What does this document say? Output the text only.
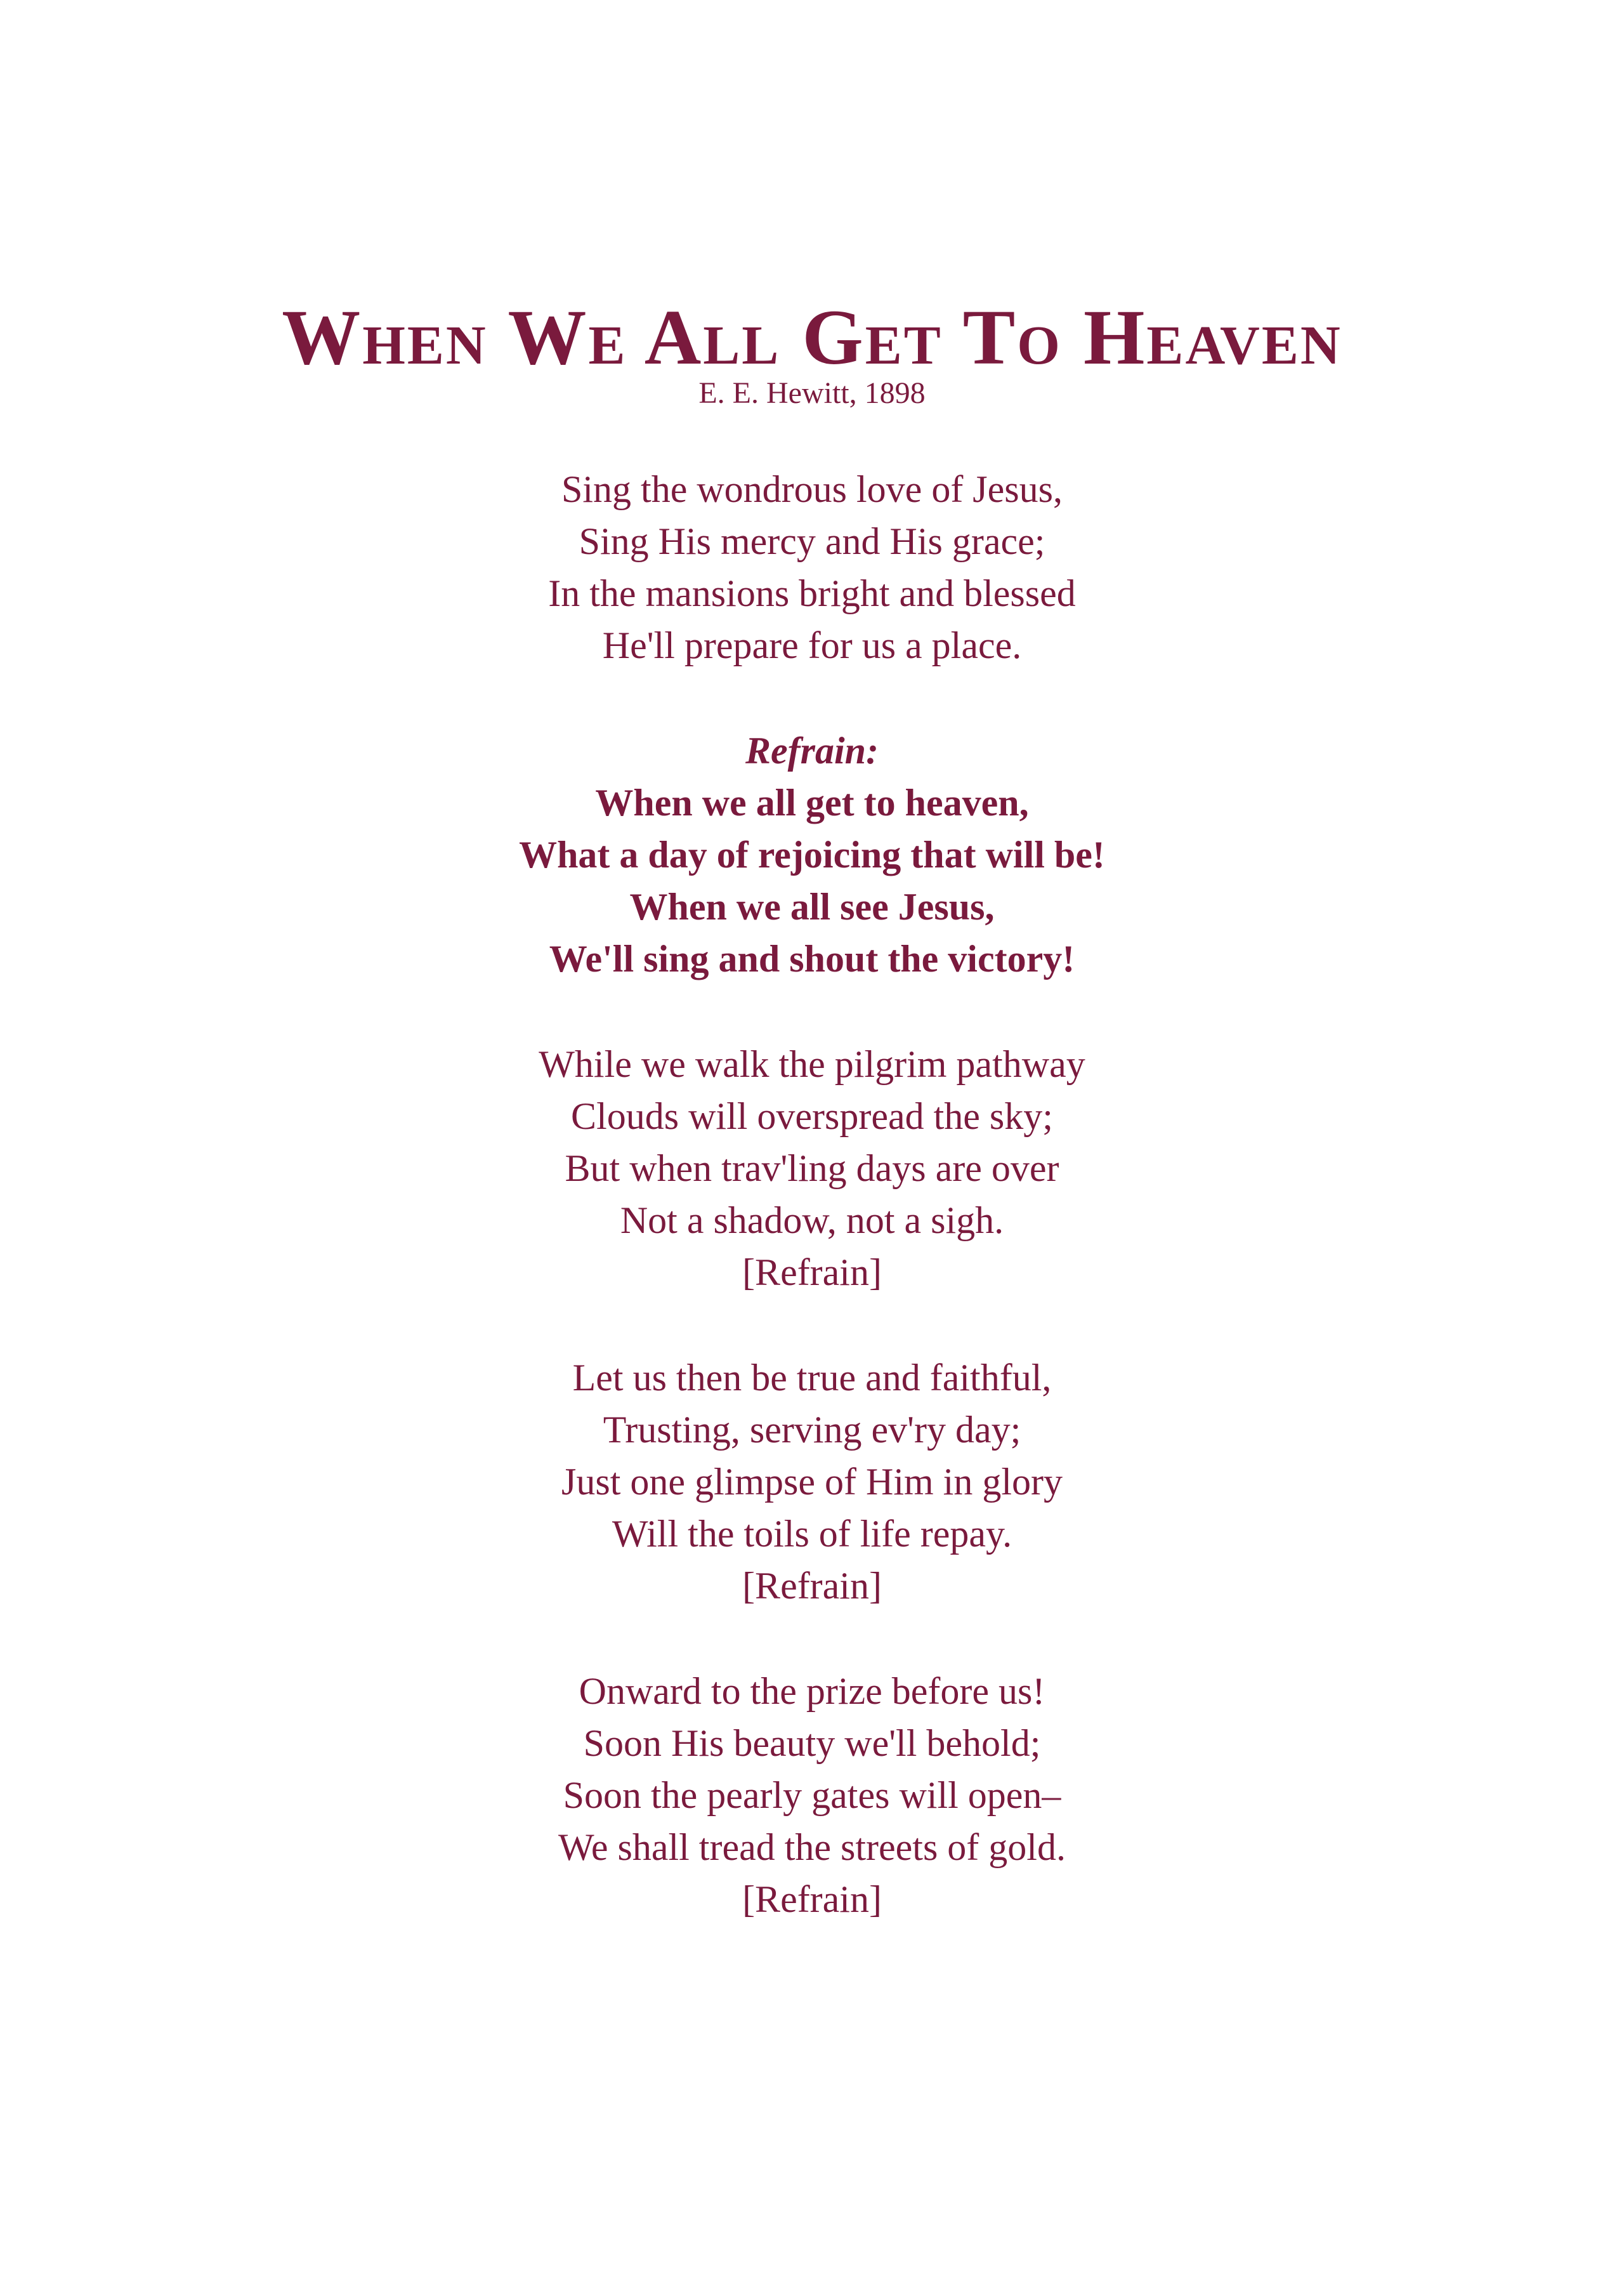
When We All Get To Heaven

E. E. Hewitt, 1898

Sing the wondrous love of Jesus,
Sing His mercy and His grace;
In the mansions bright and blessed
He'll prepare for us a place.
Refrain:
When we all get to heaven,
What a day of rejoicing that will be!
When we all see Jesus,
We'll sing and shout the victory!
While we walk the pilgrim pathway
Clouds will overspread the sky;
But when trav'ling days are over
Not a shadow, not a sigh.
[Refrain]
Let us then be true and faithful,
Trusting, serving ev'ry day;
Just one glimpse of Him in glory
Will the toils of life repay.
[Refrain]
Onward to the prize before us!
Soon His beauty we'll behold;
Soon the pearly gates will open–
We shall tread the streets of gold.
[Refrain]
